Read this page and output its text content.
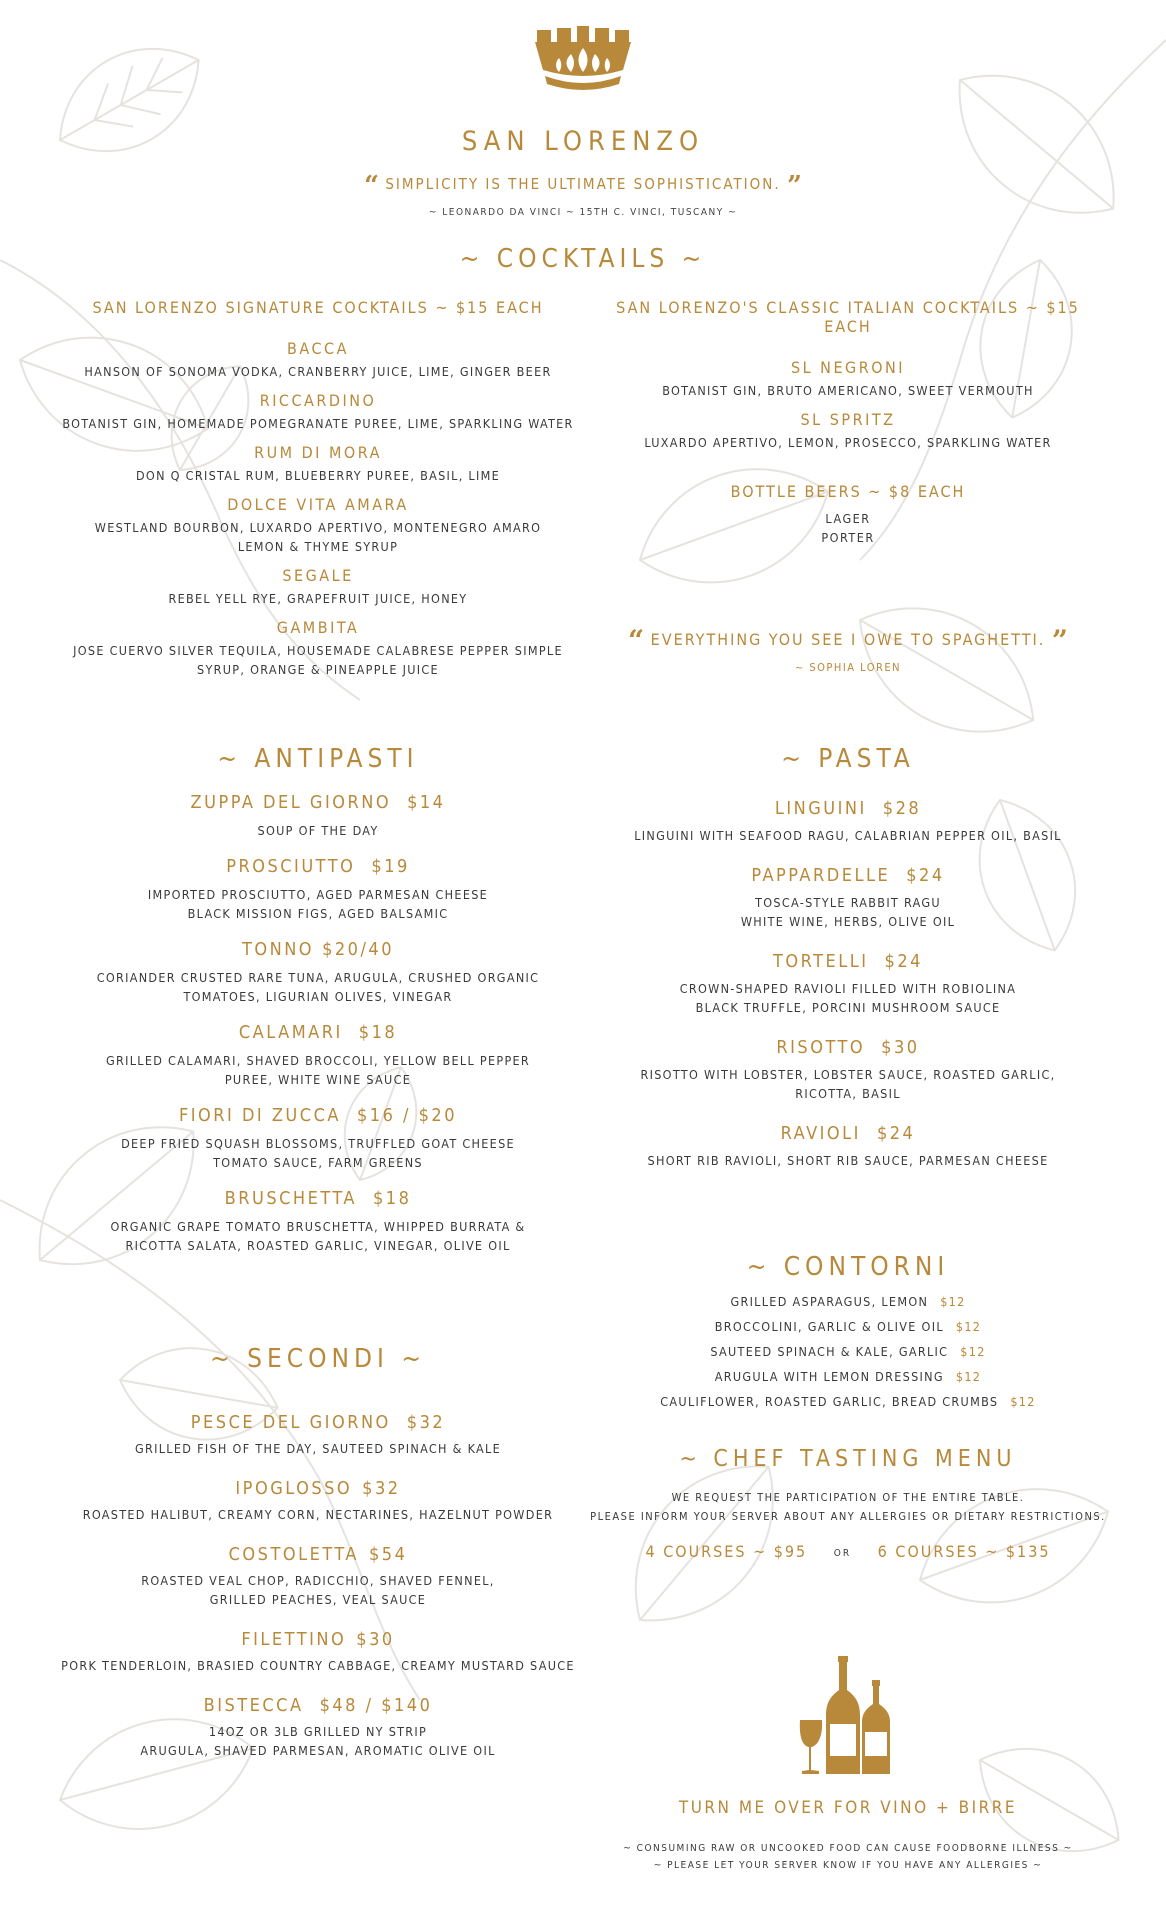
SAN LORENZO
“ SIMPLICITY IS THE ULTIMATE SOPHISTICATION. ”
~ LEONARDO DA VINCI ~ 15TH C. VINCI, TUSCANY ~
~ COCKTAILS ~
SAN LORENZO SIGNATURE COCKTAILS ~ $15 EACH
BACCA
HANSON OF SONOMA VODKA, CRANBERRY JUICE, LIME, GINGER BEER
RICCARDINO
BOTANIST GIN, HOMEMADE POMEGRANATE PUREE, LIME, SPARKLING WATER
RUM DI MORA
DON Q CRISTAL RUM, BLUEBERRY PUREE, BASIL, LIME
DOLCE VITA AMARA
WESTLAND BOURBON, LUXARDO APERTIVO, MONTENEGRO AMARO
LEMON & THYME SYRUP
SEGALE
REBEL YELL RYE, GRAPEFRUIT JUICE, HONEY
GAMBITA
JOSE CUERVO SILVER TEQUILA, HOUSEMADE CALABRESE PEPPER SIMPLE
SYRUP, ORANGE & PINEAPPLE JUICE
SAN LORENZO'S CLASSIC ITALIAN COCKTAILS ~ $15 EACH
SL NEGRONI
BOTANIST GIN, BRUTO AMERICANO, SWEET VERMOUTH
SL SPRITZ
LUXARDO APERTIVO, LEMON, PROSECCO, SPARKLING WATER
BOTTLE BEERS ~ $8 EACH
LAGER
PORTER
“ EVERYTHING YOU SEE I OWE TO SPAGHETTI. ”
~ SOPHIA LOREN
~ ANTIPASTI
ZUPPA DEL GIORNO $14
SOUP OF THE DAY
PROSCIUTTO $19
IMPORTED PROSCIUTTO, AGED PARMESAN CHEESE
BLACK MISSION FIGS, AGED BALSAMIC
TONNO $20/40
CORIANDER CRUSTED RARE TUNA, ARUGULA, CRUSHED ORGANIC
TOMATOES, LIGURIAN OLIVES, VINEGAR
CALAMARI $18
GRILLED CALAMARI, SHAVED BROCCOLI, YELLOW BELL PEPPER
PUREE, WHITE WINE SAUCE
FIORI DI ZUCCA $16 / $20
DEEP FRIED SQUASH BLOSSOMS, TRUFFLED GOAT CHEESE
TOMATO SAUCE, FARM GREENS
BRUSCHETTA $18
ORGANIC GRAPE TOMATO BRUSCHETTA, WHIPPED BURRATA &
RICOTTA SALATA, ROASTED GARLIC, VINEGAR, OLIVE OIL
~ PASTA
LINGUINI $28
LINGUINI WITH SEAFOOD RAGU, CALABRIAN PEPPER OIL, BASIL
PAPPARDELLE $24
TOSCA-STYLE RABBIT RAGU
WHITE WINE, HERBS, OLIVE OIL
TORTELLI $24
CROWN-SHAPED RAVIOLI FILLED WITH ROBIOLINA
BLACK TRUFFLE, PORCINI MUSHROOM SAUCE
RISOTTO $30
RISOTTO WITH LOBSTER, LOBSTER SAUCE, ROASTED GARLIC,
RICOTTA, BASIL
RAVIOLI $24
SHORT RIB RAVIOLI, SHORT RIB SAUCE, PARMESAN CHEESE
~ CONTORNI
GRILLED ASPARAGUS, LEMON $12
BROCCOLINI, GARLIC & OLIVE OIL $12
SAUTEED SPINACH & KALE, GARLIC $12
ARUGULA WITH LEMON DRESSING $12
CAULIFLOWER, ROASTED GARLIC, BREAD CRUMBS $12
~ CHEF TASTING MENU
WE REQUEST THE PARTICIPATION OF THE ENTIRE TABLE.
PLEASE INFORM YOUR SERVER ABOUT ANY ALLERGIES OR DIETARY RESTRICTIONS.
4 COURSES ~ $95	OR 6 COURSES ~ $135
~ SECONDI ~
PESCE DEL GIORNO $32
GRILLED FISH OF THE DAY, SAUTEED SPINACH & KALE
IPOGLOSSO $32
ROASTED HALIBUT, CREAMY CORN, NECTARINES, HAZELNUT POWDER
COSTOLETTA $54
ROASTED VEAL CHOP, RADICCHIO, SHAVED FENNEL,
GRILLED PEACHES, VEAL SAUCE
FILETTINO $30
PORK TENDERLOIN, BRASIED COUNTRY CABBAGE, CREAMY MUSTARD SAUCE
BISTECCA $48 / $140
14OZ OR 3LB GRILLED NY STRIP
ARUGULA, SHAVED PARMESAN, AROMATIC OLIVE OIL
TURN ME OVER FOR VINO + BIRRE
~ CONSUMING RAW OR UNCOOKED FOOD CAN CAUSE FOODBORNE ILLNESS ~
~ PLEASE LET YOUR SERVER KNOW IF YOU HAVE ANY ALLERGIES ~
